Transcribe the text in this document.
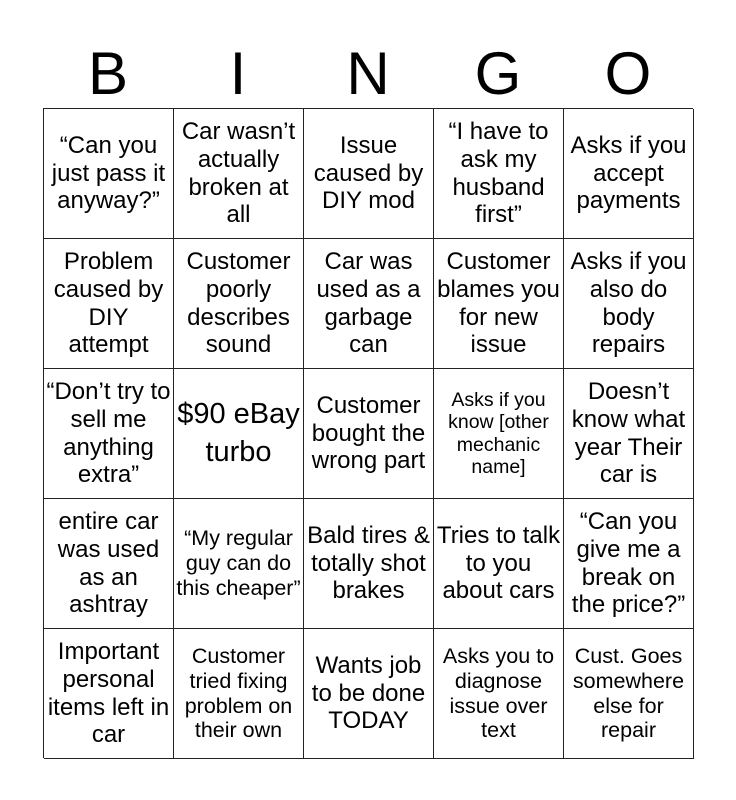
B	I	N	G	O
“Can you just pass it anyway?”
Car wasn’t actually broken at all
Issue caused by DIY mod
“I have to ask my husband first”
Asks if you accept payments
Problem caused by DIY attempt
Customer poorly describes sound
Car was used as a garbage can
Customer blames you for new issue
Asks if you also do body repairs
“Don’t try to sell me anything extra”
$90 eBay turbo
Customer bought the wrong part
Asks if you know [other mechanic name]
Doesn’t know what year Their car is
entire car was used as an ashtray
“My regular guy can do this cheaper”
Bald tires & totally shot brakes
Tries to talk to you about cars
“Can you give me a break on the price?”
Important personal items left in car
Customer tried fixing problem on their own
Wants job to be done TODAY
Asks you to diagnose issue over text
Cust. Goes somewhere else for repair
